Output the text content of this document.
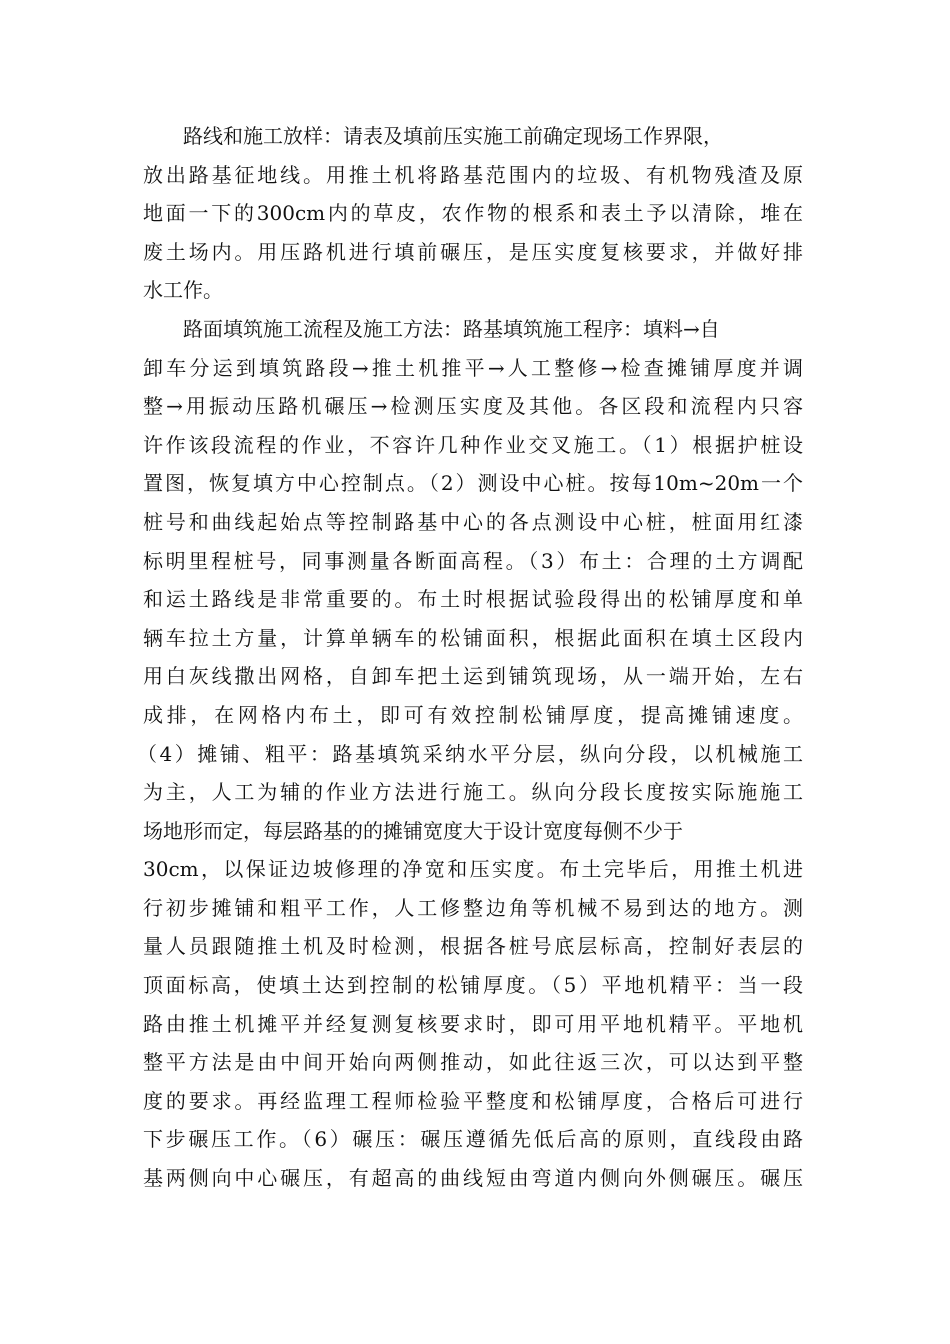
路线和施工放样：请表及填前压实施工前确定现场工作界限，
放出路基征地线。用推土机将路基范围内的垃圾、有机物残渣及原
地面一下的300cm内的草皮，农作物的根系和表土予以清除，堆在
废土场内。用压路机进行填前碾压，是压实度复核要求，并做好排
水工作。
路面填筑施工流程及施工方法：路基填筑施工程序：填料→自
卸车分运到填筑路段→推土机推平→人工整修→检查摊铺厚度并调
整→用振动压路机碾压→检测压实度及其他。各区段和流程内只容
许作该段流程的作业，不容许几种作业交叉施工。（1）根据护桩设
置图，恢复填方中心控制点。（2）测设中心桩。按每10m~20m一个
桩号和曲线起始点等控制路基中心的各点测设中心桩，桩面用红漆
标明里程桩号，同事测量各断面高程。（3）布土：合理的土方调配
和运土路线是非常重要的。布土时根据试验段得出的松铺厚度和单
辆车拉土方量，计算单辆车的松铺面积，根据此面积在填土区段内
用白灰线撒出网格，自卸车把土运到铺筑现场，从一端开始，左右
成排，在网格内布土，即可有效控制松铺厚度，提高摊铺速度。
（4）摊铺、粗平：路基填筑采纳水平分层，纵向分段，以机械施工
为主，人工为辅的作业方法进行施工。纵向分段长度按实际施施工
场地形而定，每层路基的的摊铺宽度大于设计宽度每侧不少于
30cm，以保证边坡修理的净宽和压实度。布土完毕后，用推土机进
行初步摊铺和粗平工作，人工修整边角等机械不易到达的地方。测
量人员跟随推土机及时检测，根据各桩号底层标高，控制好表层的
顶面标高，使填土达到控制的松铺厚度。（5）平地机精平：当一段
路由推土机摊平并经复测复核要求时，即可用平地机精平。平地机
整平方法是由中间开始向两侧推动，如此往返三次，可以达到平整
度的要求。再经监理工程师检验平整度和松铺厚度，合格后可进行
下步碾压工作。（6）碾压：碾压遵循先低后高的原则，直线段由路
基两侧向中心碾压，有超高的曲线短由弯道内侧向外侧碾压。碾压
